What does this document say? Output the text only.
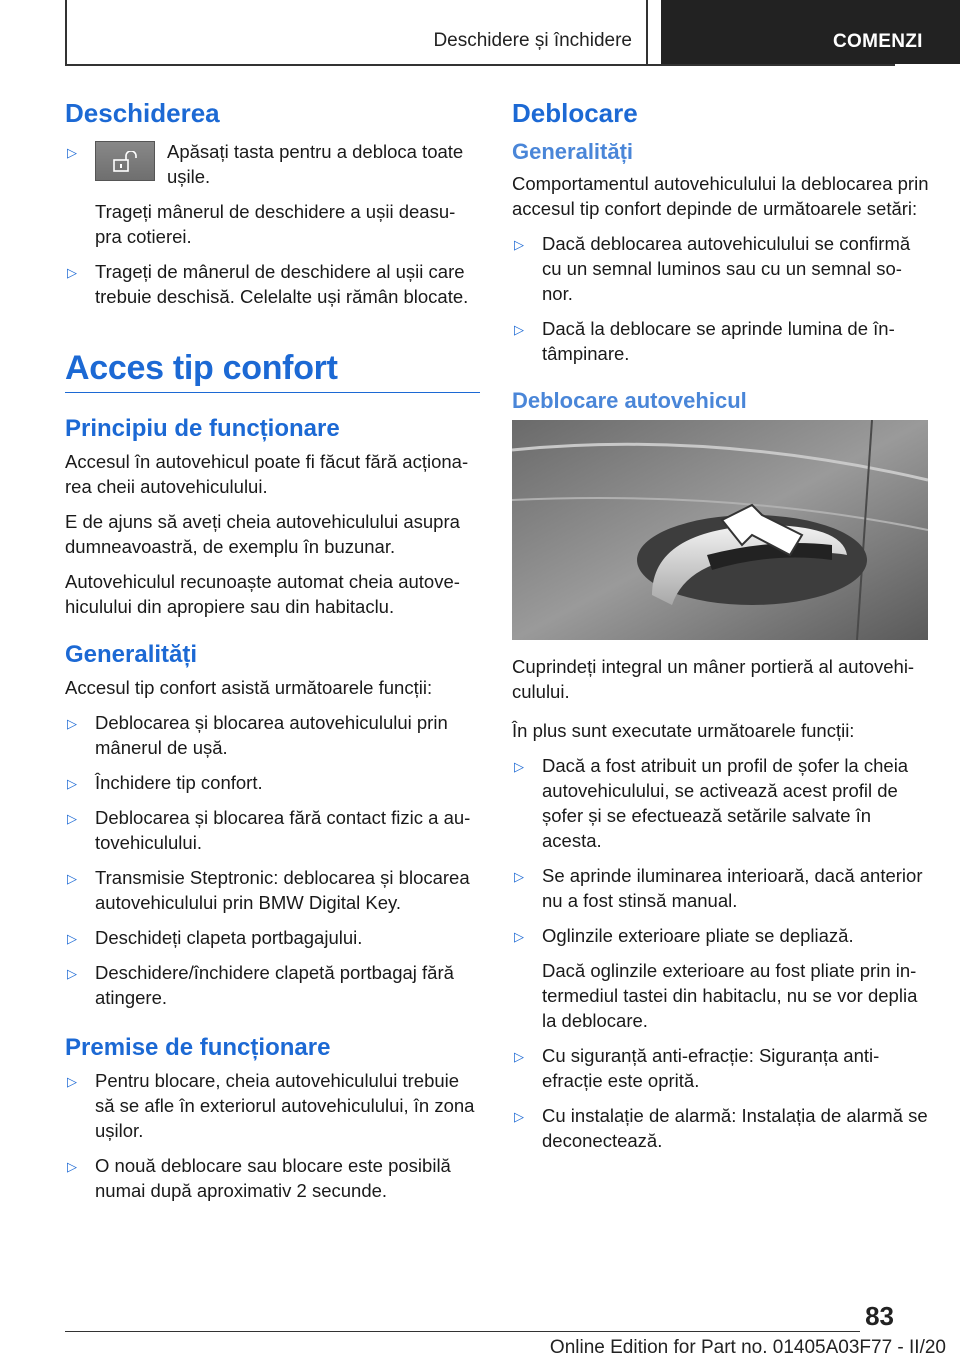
Deschidere și închidere	COMENZI
Deschiderea
▷	Apăsați tasta pentru a debloca toate ușile.

Trageți mânerul de deschidere a ușii deasu‐pra cotierei.

▷ Trageți de mânerul de deschidere al ușii care trebuie deschisă. Celelalte uși rămân blocate.
Acces tip confort
Principiu de funcționare

Accesul în autovehicul poate fi făcut fără acționa‐rea cheii autovehiculului.

E de ajuns să aveți cheia autovehiculului asupra dumneavoastră, de exemplu în buzunar.

Autovehiculul recunoaște automat cheia autove‐hiculului din apropiere sau din habitaclu.

Generalități

Accesul tip confort asistă următoarele funcții:

▷ Deblocarea și blocarea autovehiculului prin mânerul de ușă.
▷ Închidere tip confort.
▷ Deblocarea și blocarea fără contact fizic a au‐tovehiculului.
▷ Transmisie Steptronic: deblocarea și blocarea autovehiculului prin BMW Digital Key.
▷ Deschideți clapeta portbagajului.
▷ Deschidere/închidere clapetă portbagaj fără atingere.
Premise de funcționare
▷ Pentru blocare, cheia autovehiculului trebuie să se afle în exteriorul autovehiculului, în zona ușilor.
▷ O nouă deblocare sau blocare este posibilă numai după aproximativ 2 secunde.
Deblocare
Generalități

Comportamentul autovehiculului la deblocarea prin accesul tip confort depinde de următoarele setări:

▷ Dacă deblocarea autovehiculului se confirmă cu un semnal luminos sau cu un semnal so‐nor.
▷ Dacă la deblocare se aprinde lumina de în‐tâmpinare.
Deblocare autovehicul

Cuprindeți integral un mâner portieră al autovehi‐culului.

În plus sunt executate următoarele funcții:

▷ Dacă a fost atribuit un profil de șofer la cheia autovehiculului, se activează acest profil de șofer și se efectuează setările salvate în acesta.
▷ Se aprinde iluminarea interioară, dacă anterior nu a fost stinsă manual.
▷ Oglinzile exterioare pliate se depliază.

Dacă oglinzile exterioare au fost pliate prin in‐termediul tastei din habitaclu, nu se vor deplia la deblocare.

▷ Cu siguranță anti-efracție: Siguranța anti-efracție este oprită.
▷ Cu instalație de alarmă: Instalația de alarmă se deconectează.
83
Online Edition for Part no. 01405A03F77 - II/20
